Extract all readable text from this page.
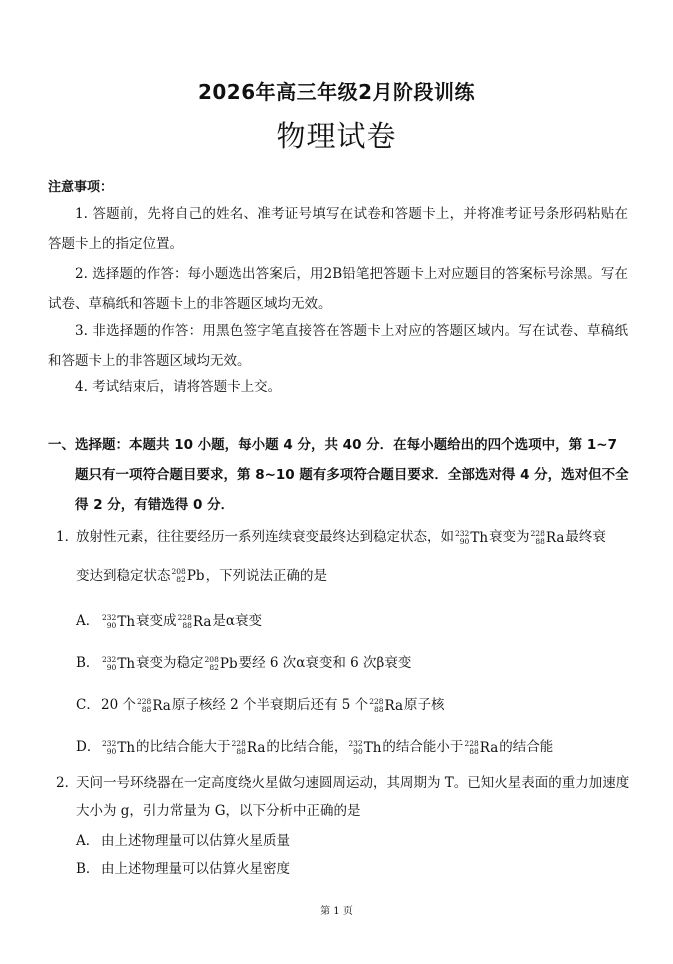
2026年高三年级2月阶段训练
物理试卷
注意事项：
1. 答题前，先将自己的姓名、准考证号填写在试卷和答题卡上，并将准考证号条形码粘贴在答题卡上的指定位置。
2. 选择题的作答：每小题选出答案后，用2B铅笔把答题卡上对应题目的答案标号涂黑。写在试卷、草稿纸和答题卡上的非答题区域均无效。
3. 非选择题的作答：用黑色签字笔直接答在答题卡上对应的答题区域内。写在试卷、草稿纸和答题卡上的非答题区域均无效。
4. 考试结束后，请将答题卡上交。
一、选择题：本题共 10 小题，每小题 4 分，共 40 分．在每小题给出的四个选项中，第 1~7 题只有一项符合题目要求，第 8~10 题有多项符合题目要求．全部选对得 4 分，选对但不全得 2 分，有错选得 0 分．
1．
放射性元素，往往要经历一系列连续衰变最终达到稳定状态，如 232
90 Th 衰变为 228
88 Ra 最终衰
变达到稳定状态 208
82 Pb ，下列说法正确的是
A． 232
90 Th 衰变成 228
88 Ra 是α衰变
B． 232
90 Th 衰变为稳定 208
82 Pb 要经 6 次α衰变和 6 次β衰变
C．20 个 228
88 Ra 原子核经 2 个半衰期后还有 5 个 228
88 Ra 原子核
D． 232
90 Th 的比结合能大于 228
88 Ra 的比结合能， 232
90 Th 的结合能小于 228
88 Ra 的结合能
2．
天问一号环绕器在一定高度绕火星做匀速圆周运动，其周期为 T。已知火星表面的重力加速度大小为 g，引力常量为 G，以下分析中正确的是
A． 由上述物理量可以估算火星质量
B． 由上述物理量可以估算火星密度
第 1 页
